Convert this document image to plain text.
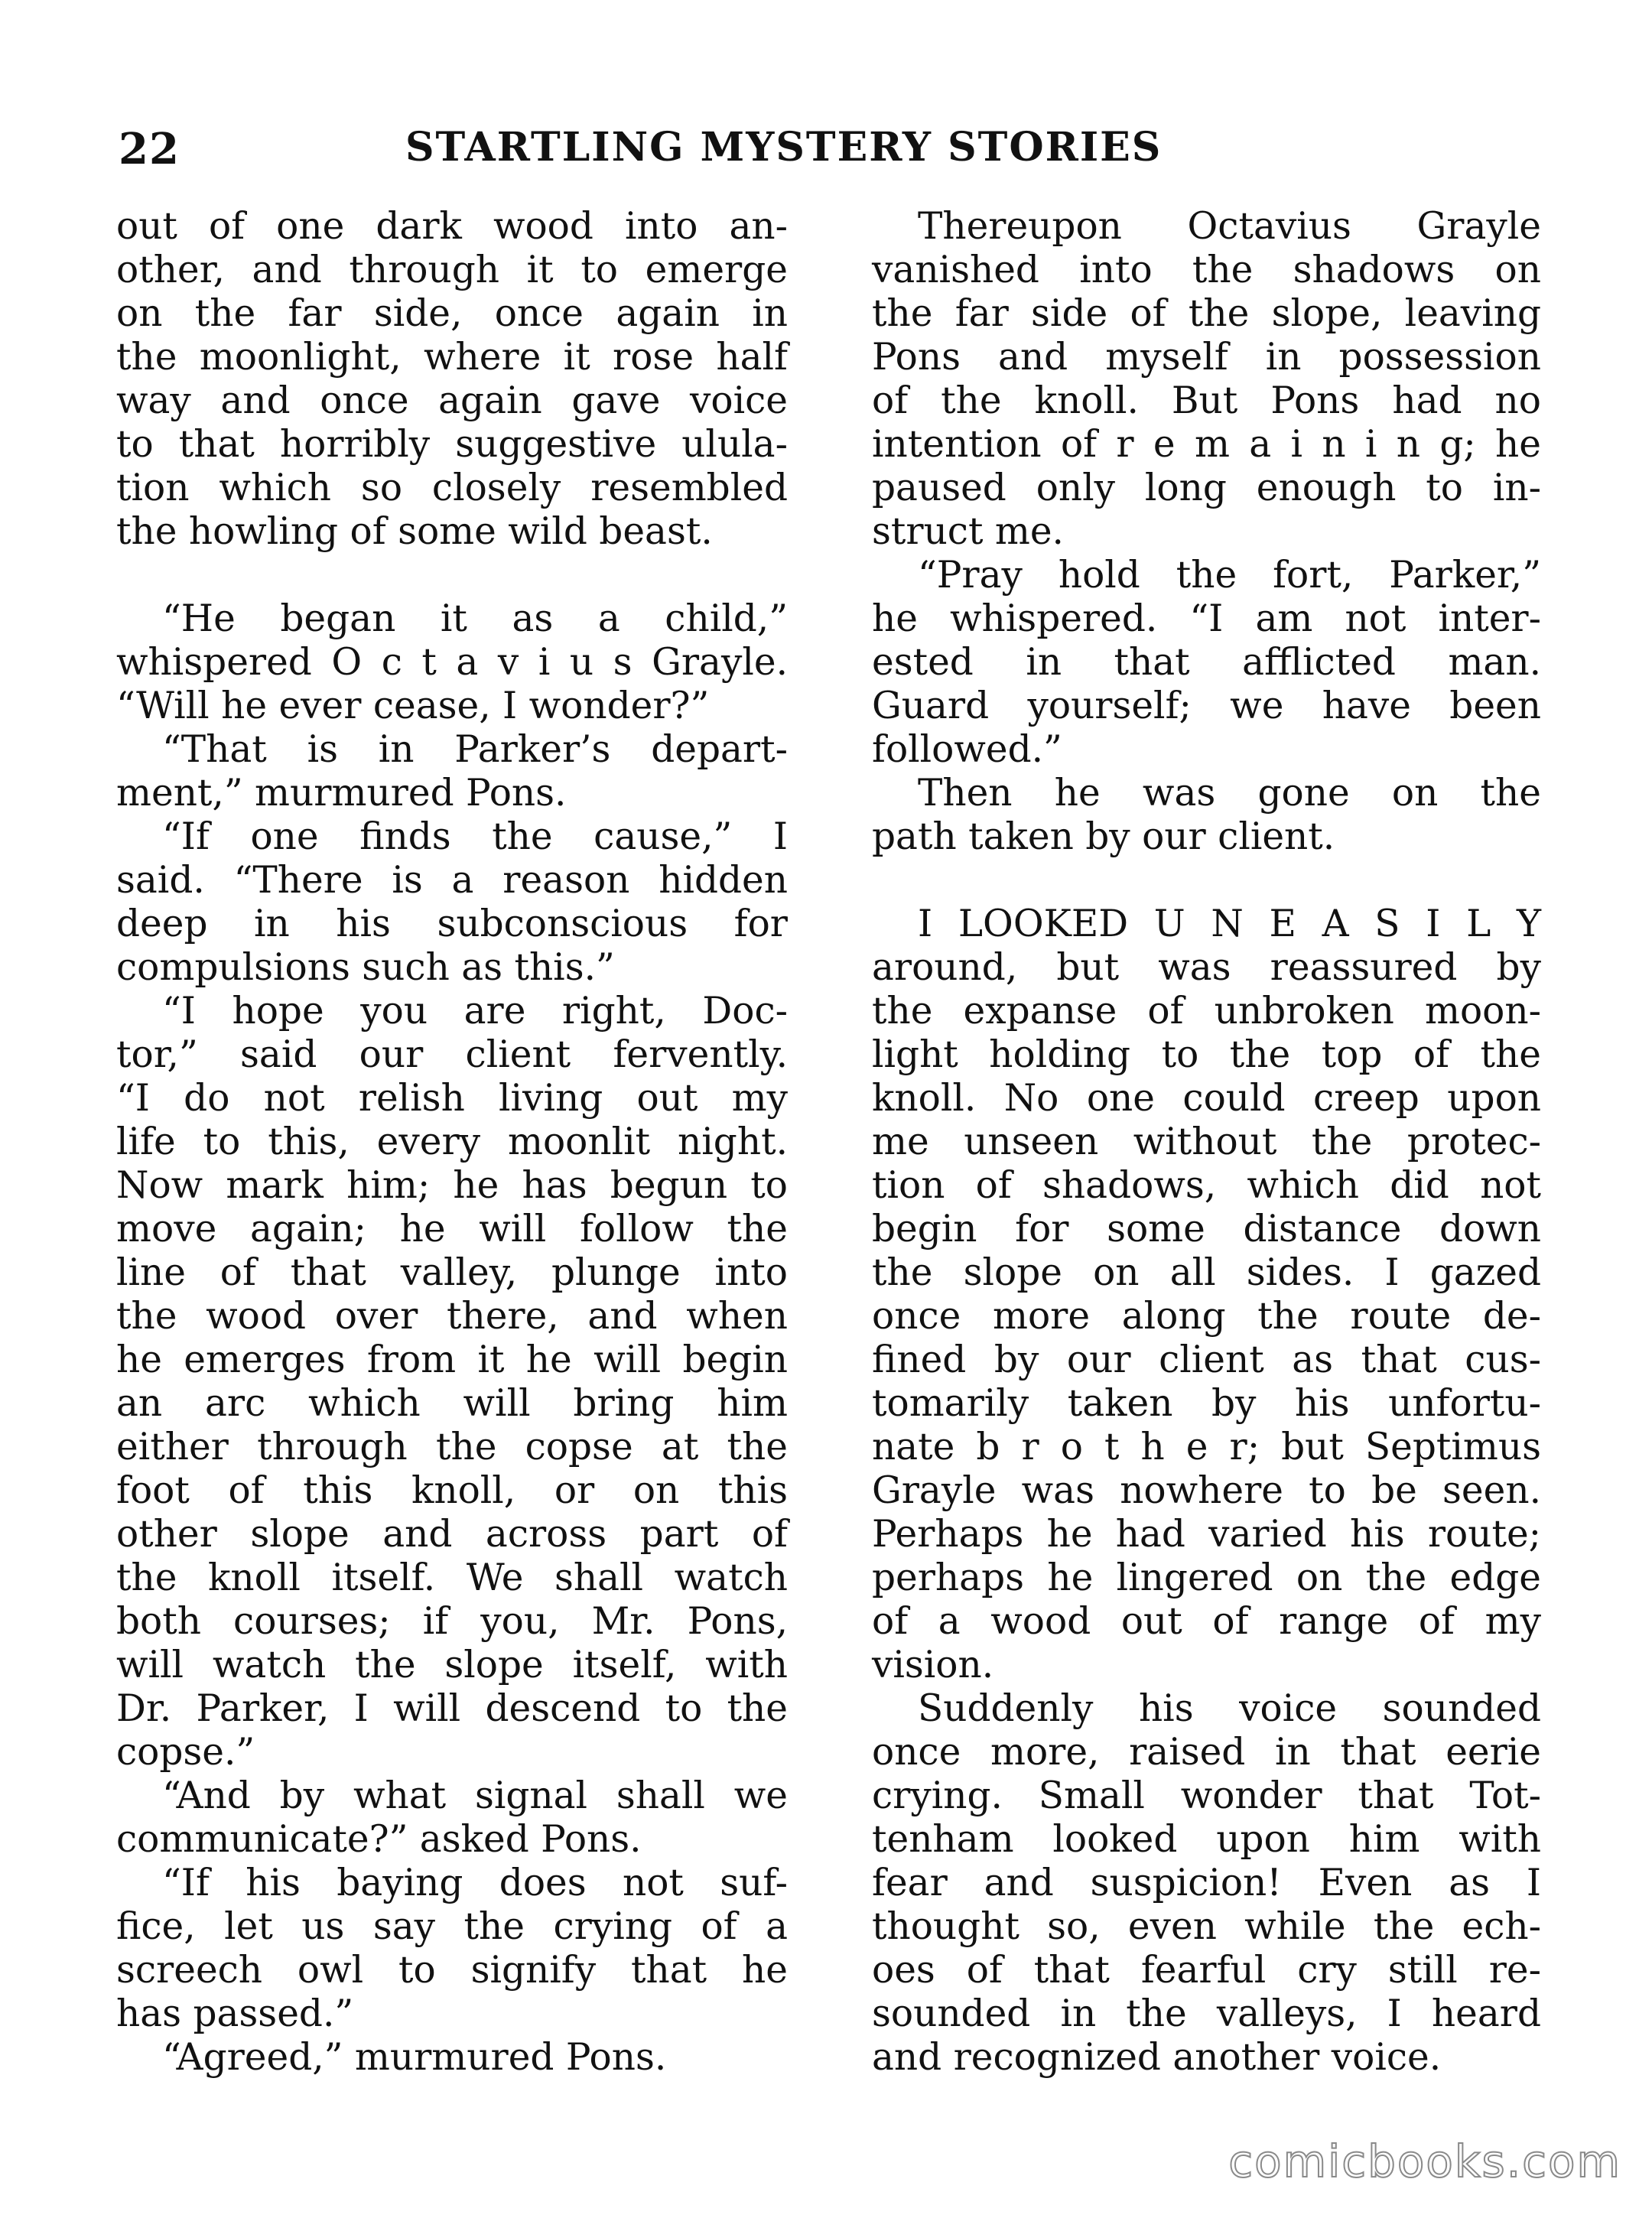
22	STARTLING MYSTERY STORIES
out of one dark wood into an-
other, and through it to emerge
on the far side, once again in
the moonlight, where it rose half
way and once again gave voice
to that horribly suggestive ulula-
tion which so closely resembled
the howling of some wild beast.
“He began it as a child,”
whispered O c t a v i u s Grayle.
“Will he ever cease, I wonder?”
“That is in Parker’s depart-
ment,” murmured Pons.
“If one finds the cause,” I
said. “There is a reason hidden
deep in his subconscious for
compulsions such as this.”
“I hope you are right, Doc-
tor,” said our client fervently.
“I do not relish living out my
life to this, every moonlit night.
Now mark him; he has begun to
move again; he will follow the
line of that valley, plunge into
the wood over there, and when
he emerges from it he will begin
an arc which will bring him
either through the copse at the
foot of this knoll, or on this
other slope and across part of
the knoll itself. We shall watch
both courses; if you, Mr. Pons,
will watch the slope itself, with
Dr. Parker, I will descend to the
copse.”
“And by what signal shall we
communicate?” asked Pons.
“If his baying does not suf-
fice, let us say the crying of a
screech owl to signify that he
has passed.”
“Agreed,” murmured Pons.
Thereupon Octavius Grayle
vanished into the shadows on
the far side of the slope, leaving
Pons and myself in possession
of the knoll. But Pons had no
intention of r e m a i n i n g; he
paused only long enough to in-
struct me.
“Pray hold the fort, Parker,”
he whispered. “I am not inter-
ested in that afflicted man.
Guard yourself; we have been
followed.”
Then he was gone on the
path taken by our client.
I LOOKED U N E A S I L Y
around, but was reassured by
the expanse of unbroken moon-
light holding to the top of the
knoll. No one could creep upon
me unseen without the protec-
tion of shadows, which did not
begin for some distance down
the slope on all sides. I gazed
once more along the route de-
fined by our client as that cus-
tomarily taken by his unfortu-
nate b r o t h e r; but Septimus
Grayle was nowhere to be seen.
Perhaps he had varied his route;
perhaps he lingered on the edge
of a wood out of range of my
vision.
Suddenly his voice sounded
once more, raised in that eerie
crying. Small wonder that Tot-
tenham looked upon him with
fear and suspicion! Even as I
thought so, even while the ech-
oes of that fearful cry still re-
sounded in the valleys, I heard
and recognized another voice.
comicbooks.com
